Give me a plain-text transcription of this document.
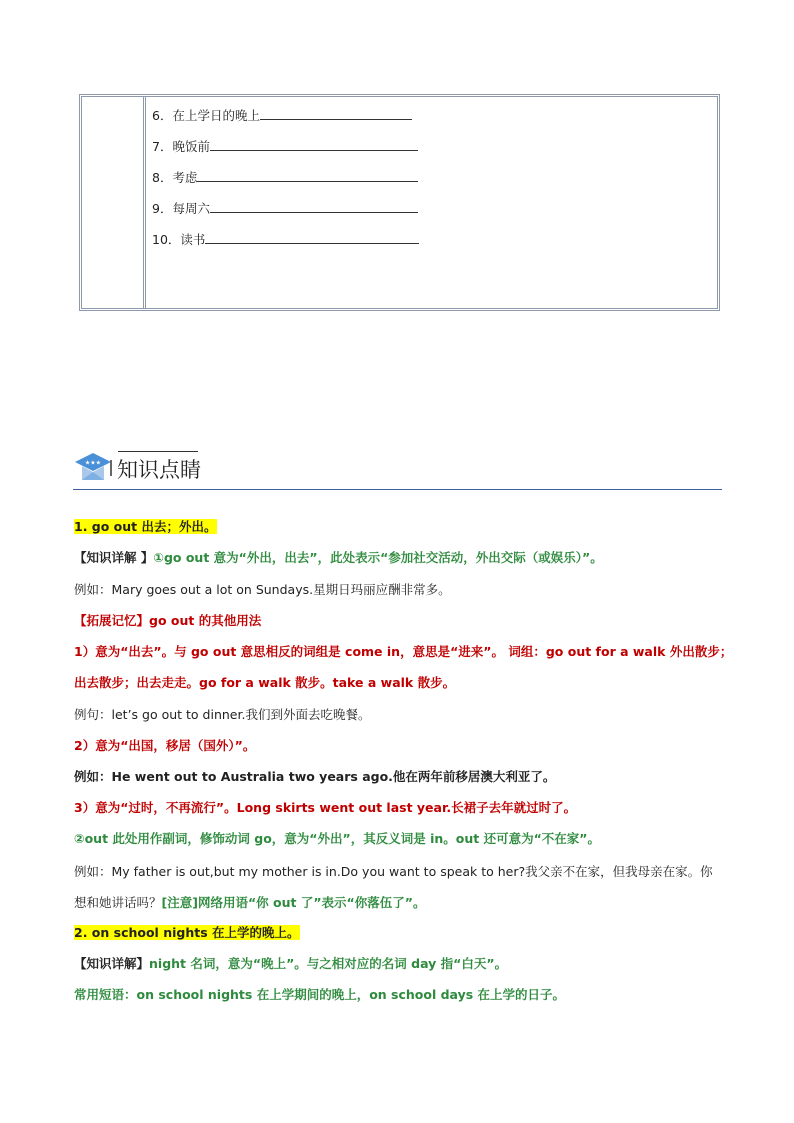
6．在上学日的晚上
7．晚饭前
8．考虑
9．每周六
10．读书
★★★ 知识点睛
1. go out 出去；外出。
【知识详解 】①go out 意为“外出，出去”，此处表示“参加社交活动，外出交际（或娱乐）”。
例如：Mary goes out a lot on Sundays.星期日玛丽应酬非常多。
【拓展记忆】go out 的其他用法
1）意为“出去”。与 go out 意思相反的词组是 come in，意思是“进来”。 词组：go out for a walk 外出散步；
出去散步；出去走走。go for a walk 散步。take a walk 散步。
例句：let’s go out to dinner.我们到外面去吃晚餐。
2）意为“出国，移居（国外）”。
例如：He went out to Australia two years ago.他在两年前移居澳大利亚了。
3）意为“过时，不再流行”。Long skirts went out last year.长裙子去年就过时了。
②out 此处用作副词，修饰动词 go，意为“外出”，其反义词是 in。out 还可意为“不在家”。
例如：My father is out,but my mother is in.Do you want to speak to her?我父亲不在家，但我母亲在家。你想和她讲话吗？[注意]网络用语“你 out 了”表示“你落伍了”。
2. on school nights 在上学的晚上。
【知识详解】night 名词，意为“晚上”。与之相对应的名词 day 指“白天”。
常用短语：on school nights 在上学期间的晚上，on school days 在上学的日子。
